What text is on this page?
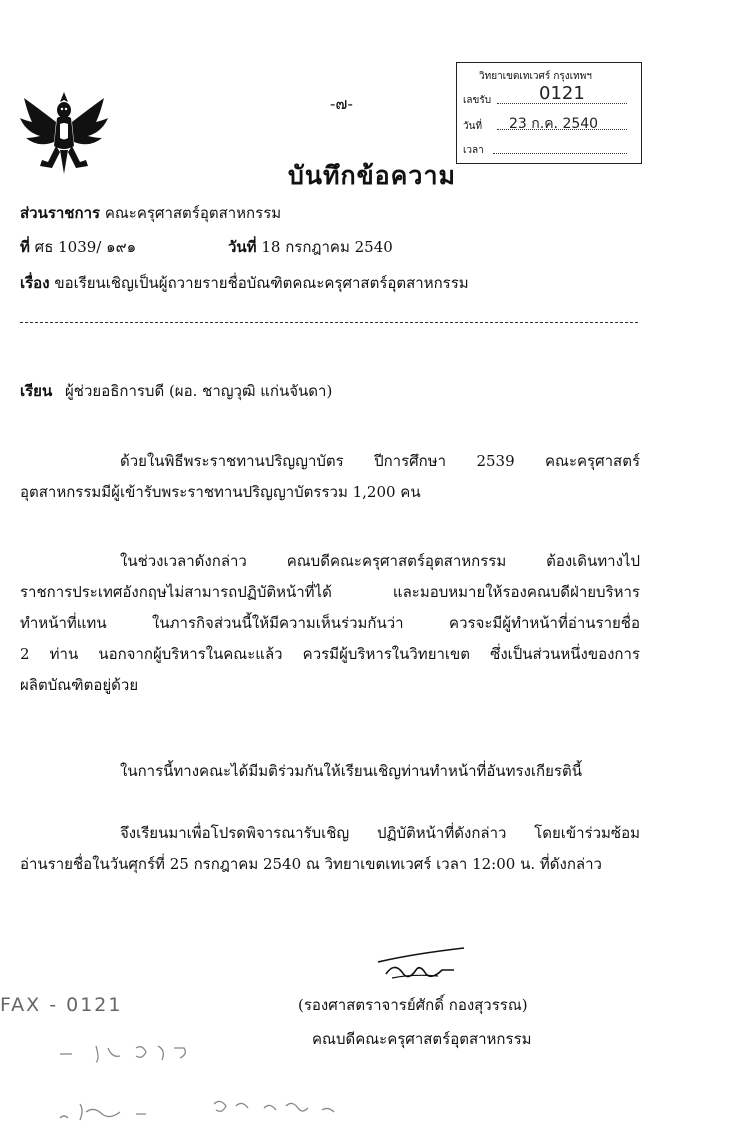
-๗-
วิทยาเขตเทเวศร์ กรุงเทพฯ
เลขรับ	0121
วันที่ 23 ก.ค. 2540
เวลา
บันทึกข้อความ
ส่วนราชการ คณะครุศาสตร์อุตสาหกรรม
ที่ ศธ 1039/ ๑๙๑	วันที่ 18 กรกฎาคม 2540
เรื่อง ขอเรียนเชิญเป็นผู้ถวายรายชื่อบัณฑิตคณะครุศาสตร์อุตสาหกรรม
เรียน ผู้ช่วยอธิการบดี (ผอ. ชาญวุฒิ แก่นจันดา)
ด้วยในพิธีพระราชทานปริญญาบัตร ปีการศึกษา 2539 คณะครุศาสตร์
อุตสาหกรรมมีผู้เข้ารับพระราชทานปริญญาบัตรรวม 1,200 คน
ในช่วงเวลาดังกล่าว คณบดีคณะครุศาสตร์อุตสาหกรรม ต้องเดินทางไป
ราชการประเทศอังกฤษไม่สามารถปฏิบัติหน้าที่ได้ และมอบหมายให้รองคณบดีฝ่ายบริหาร
ทำหน้าที่แทน ในภารกิจส่วนนี้ให้มีความเห็นร่วมกันว่า ควรจะมีผู้ทำหน้าที่อ่านรายชื่อ
2 ท่าน นอกจากผู้บริหารในคณะแล้ว ควรมีผู้บริหารในวิทยาเขต ซึ่งเป็นส่วนหนึ่งของการ
ผลิตบัณฑิตอยู่ด้วย
ในการนี้ทางคณะได้มีมติร่วมกันให้เรียนเชิญท่านทำหน้าที่อันทรงเกียรตินี้
จึงเรียนมาเพื่อโปรดพิจารณารับเชิญ ปฏิบัติหน้าที่ดังกล่าว โดยเข้าร่วมซ้อม
อ่านรายชื่อในวันศุกร์ที่ 25 กรกฎาคม 2540 ณ วิทยาเขตเทเวศร์ เวลา 12:00 น. ที่ดังกล่าว
(รองศาสตราจารย์ศักดิ์ กองสุวรรณ)
คณบดีคณะครุศาสตร์อุตสาหกรรม
FAX - 0121
